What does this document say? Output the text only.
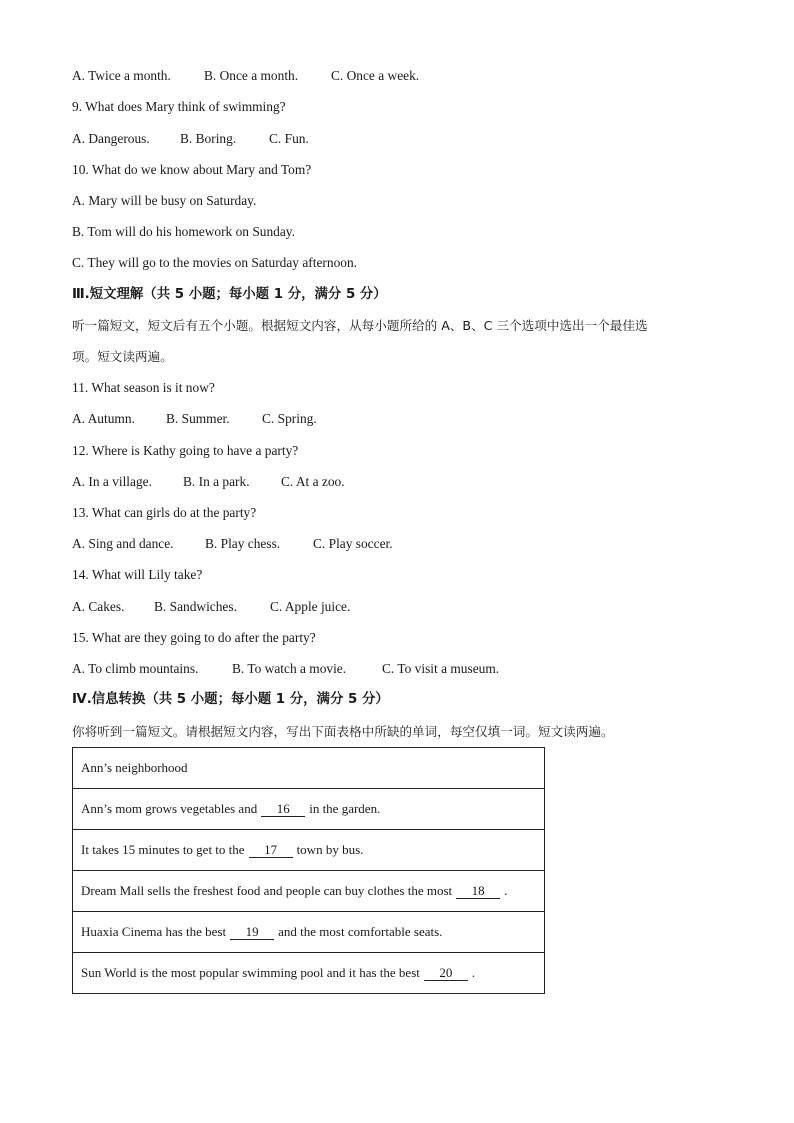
A. Twice a month. B. Once a month. C. Once a week.
9. What does Mary think of swimming?
A. Dangerous. B. Boring. C. Fun.
10. What do we know about Mary and Tom?
A. Mary will be busy on Saturday.
B. Tom will do his homework on Sunday.
C. They will go to the movies on Saturday afternoon.
Ⅲ.短文理解（共 5 小题；每小题 1 分，满分 5 分）
听一篇短文，短文后有五个小题。根据短文内容，从每小题所给的 A、B、C 三个选项中选出一个最佳选
项。短文读两遍。
11. What season is it now?
A. Autumn. B. Summer. C. Spring.
12. Where is Kathy going to have a party?
A. In a village. B. In a park. C. At a zoo.
13. What can girls do at the party?
A. Sing and dance. B. Play chess. C. Play soccer.
14. What will Lily take?
A. Cakes. B. Sandwiches. C. Apple juice.
15. What are they going to do after the party?
A. To climb mountains.	B. To watch a movie.	C. To visit a museum.
Ⅳ.信息转换（共 5 小题；每小题 1 分，满分 5 分）
你将听到一篇短文。请根据短文内容，写出下面表格中所缺的单词，每空仅填一词。短文读两遍。
Ann’s neighborhood
Ann’s mom grows vegetables and 16 in the garden.
It takes 15 minutes to get to the 17 town by bus.
Dream Mall sells the freshest food and people can buy clothes the most 18 .
Huaxia Cinema has the best 19 and the most comfortable seats.
Sun World is the most popular swimming pool and it has the best 20 .
